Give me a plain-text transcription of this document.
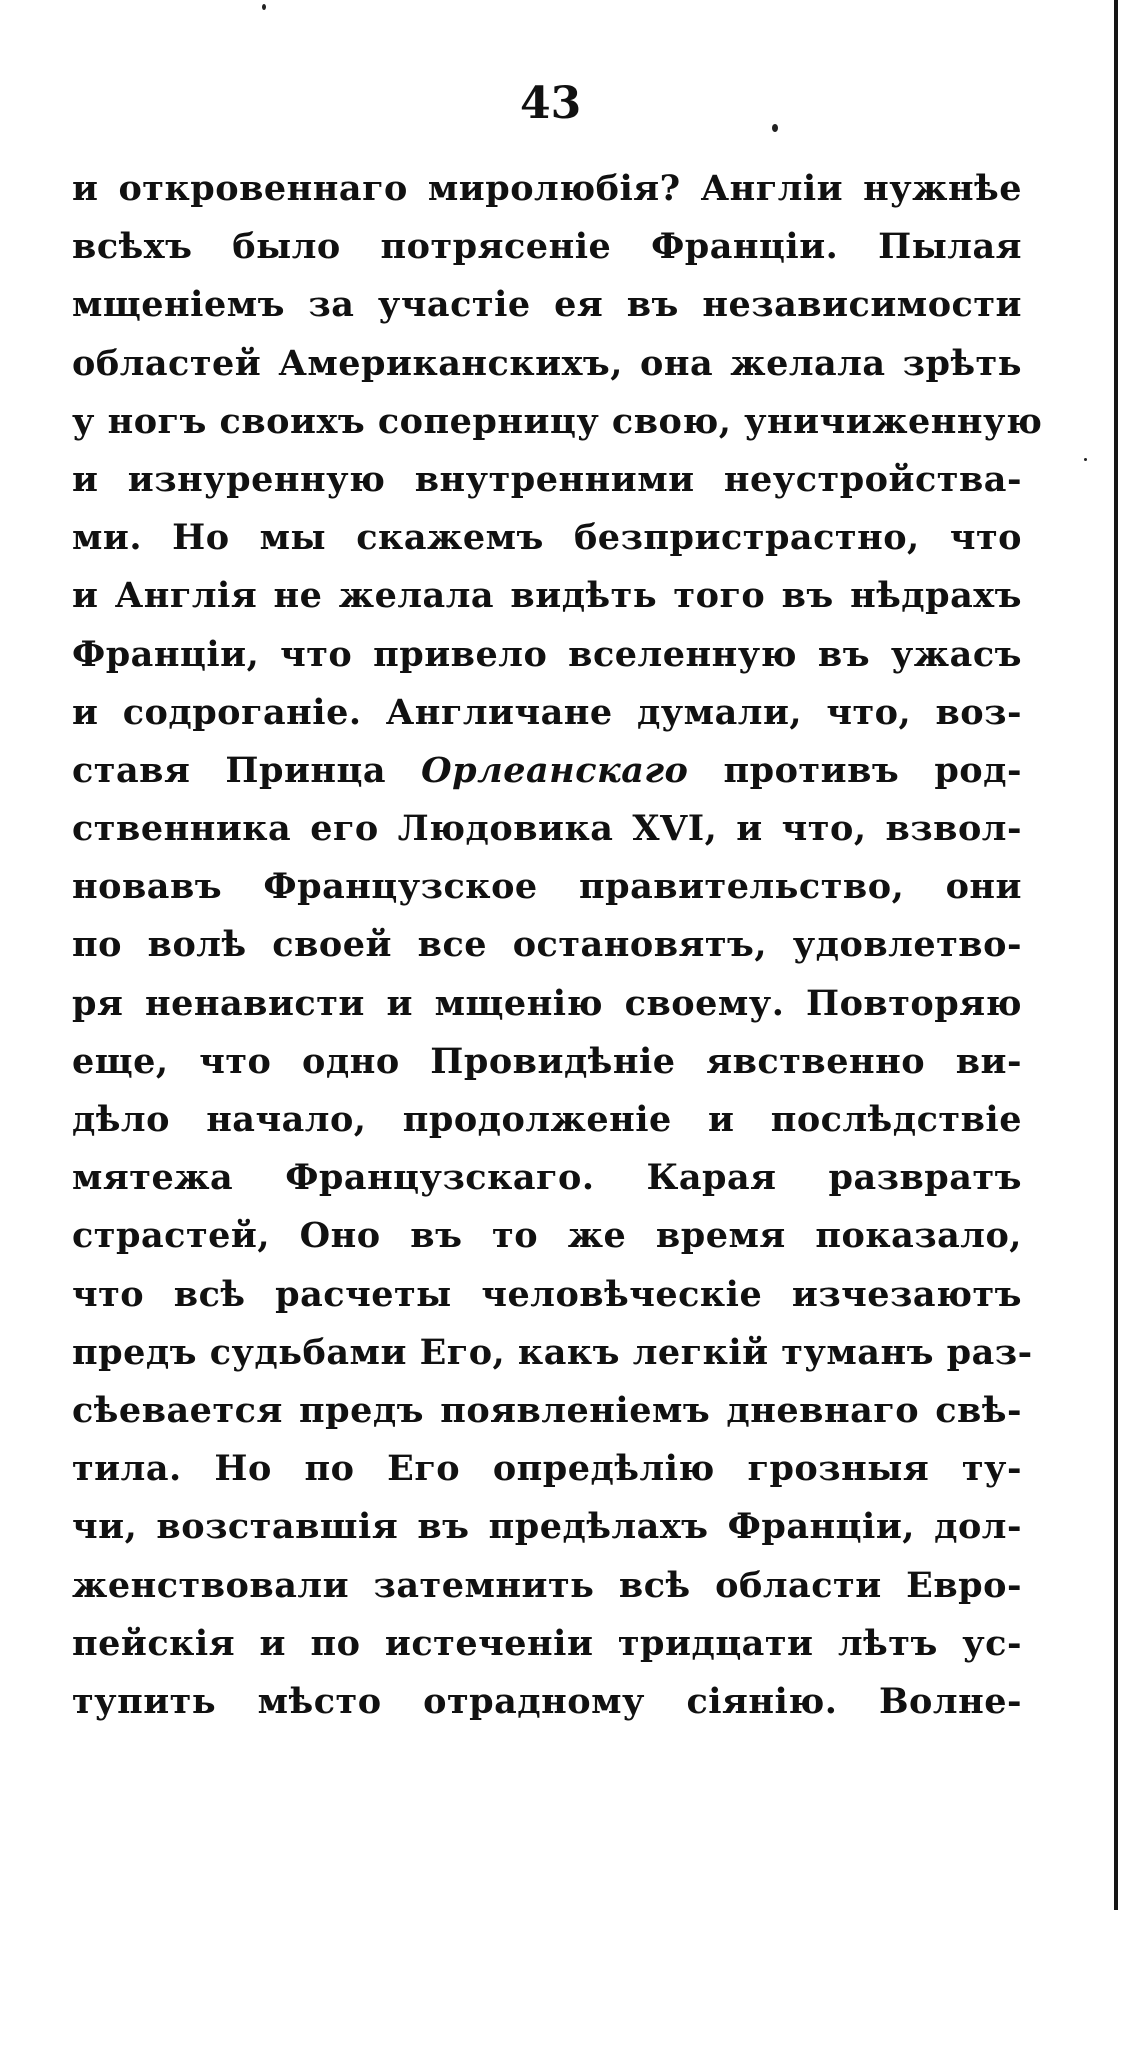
43
и откровеннаго миролюбія? Англіи нужнѣе
всѣхъ было потрясеніе Франціи. Пылая
мщеніемъ за участіе ея въ независимости
областей Американскихъ, она желала зрѣть
у ногъ своихъ соперницу свою, уничиженную
и изнуренную внутренними неустройства-
ми. Но мы скажемъ безпристрастно, что
и Англія не желала видѣть того въ нѣдрахъ
Франціи, что привело вселенную въ ужасъ
и содроганіе. Англичане думали, что, воз-
ставя Принца Орлеанскаго противъ род-
ственника его Людовика XVI, и что, взвол-
новавъ Французское правительство, они
по волѣ своей все остановятъ, удовлетво-
ря ненависти и мщенію своему. Повторяю
еще, что одно Провидѣніе явственно ви-
дѣло начало, продолженіе и послѣдствіе
мятежа Французскаго. Карая развратъ
страстей, Оно въ то же время показало,
что всѣ расчеты человѣческіе изчезаютъ
предъ судьбами Его, какъ легкій туманъ раз-
сѣевается предъ появленіемъ дневнаго свѣ-
тила. Но по Его опредѣлію грозныя ту-
чи, возставшія въ предѣлахъ Франціи, дол-
женствовали затемнить всѣ области Евро-
пейскія и по истеченіи тридцати лѣтъ ус-
тупить мѣсто отрадному сіянію. Волне-
